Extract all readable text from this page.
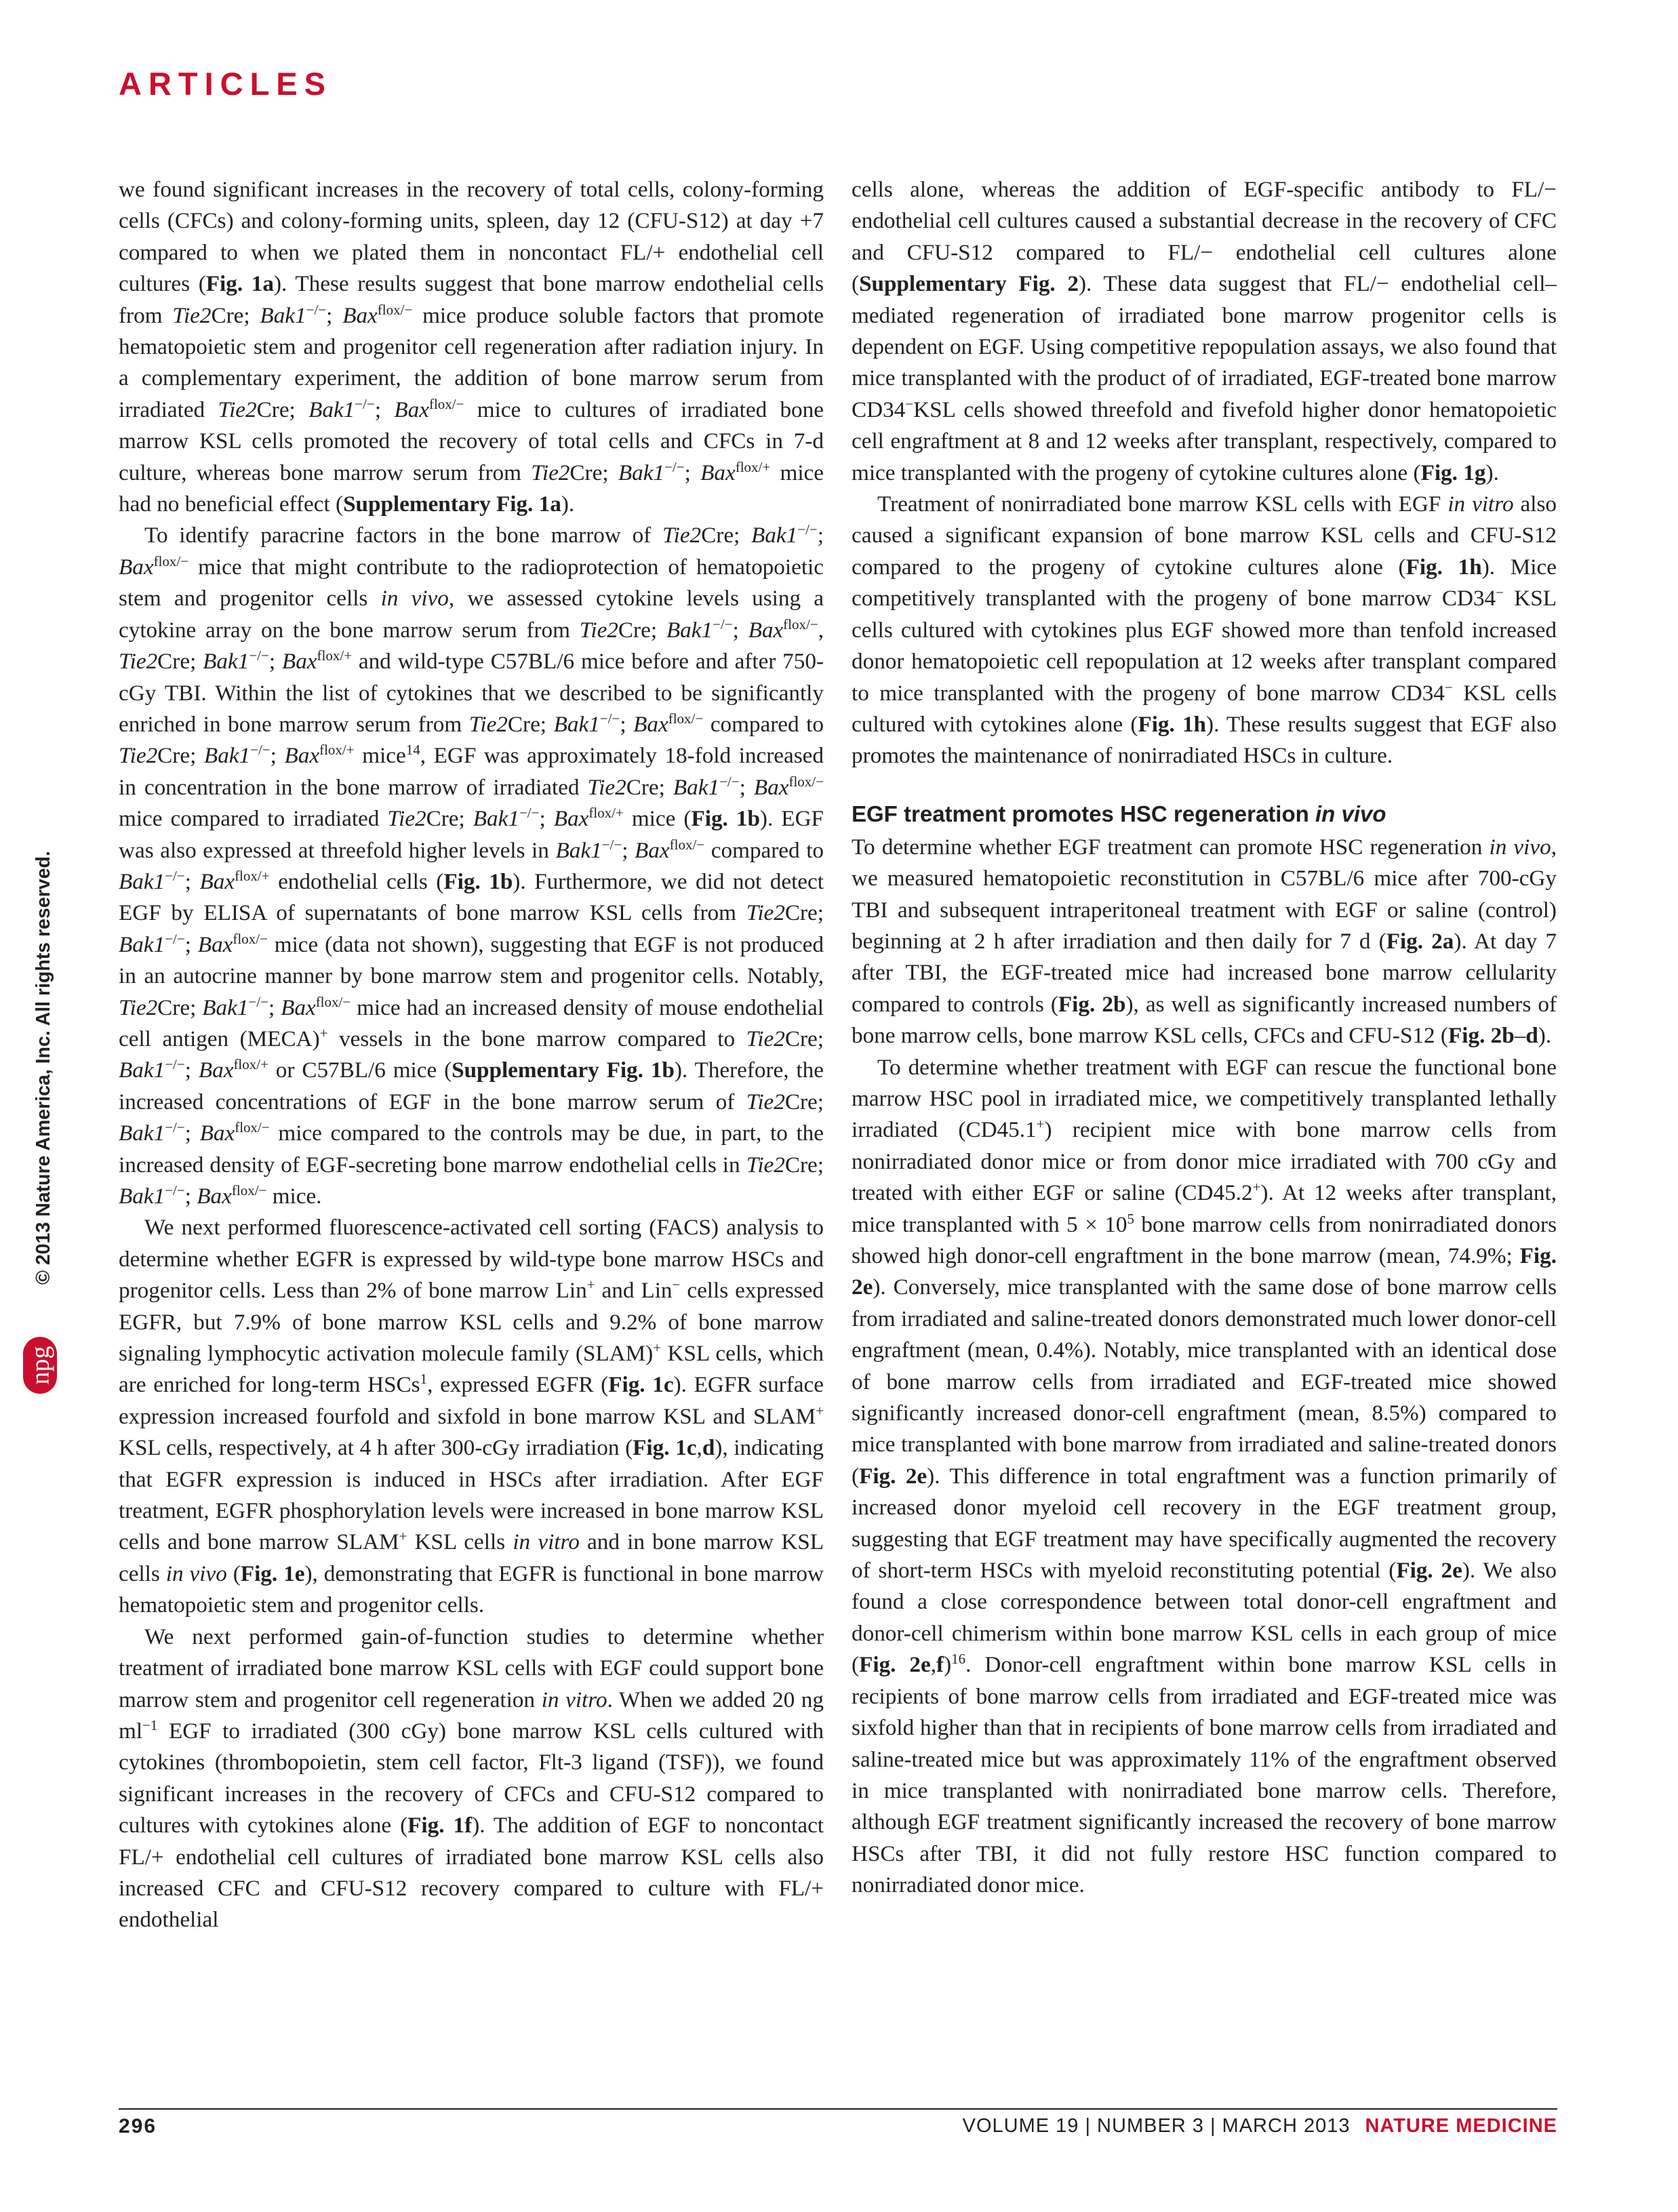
ARTICLES
© 2013 Nature America, Inc. All rights reserved.
npg

we found significant increases in the recovery of total cells, colony-forming cells (CFCs) and colony-forming units, spleen, day 12 (CFU-S12) at day +7 compared to when we plated them in noncontact FL/+ endothelial cell cultures (Fig. 1a). These results suggest that bone marrow endothelial cells from Tie2Cre; Bak1−/−; Bax$^{flox/-}$ mice produce soluble factors that promote hematopoietic stem and progenitor cell regeneration after radiation injury. In a complementary experiment, the addition of bone marrow serum from irradiated Tie2Cre; Bak1−/−; Bax$^{flox/-}$ mice to cultures of irradiated bone marrow KSL cells promoted the recovery of total cells and CFCs in 7-d culture, whereas bone marrow serum from Tie2Cre; Bak1−/−; Bax$^{flox/+}$ mice had no beneficial effect (Supplementary Fig. 1a).

To identify paracrine factors in the bone marrow of Tie2Cre; Bak1−/−; Bax$^{flox/-}$ mice that might contribute to the radioprotection of hematopoietic stem and progenitor cells in vivo, we assessed cytokine levels using a cytokine array on the bone marrow serum from Tie2Cre; Bak1−/−; Bax$^{flox/-}$, Tie2Cre; Bak1−/−; Bax$^{flox/+}$ and wild-type C57BL/6 mice before and after 750-cGy TBI. Within the list of cytokines that we described to be significantly enriched in bone marrow serum from Tie2Cre; Bak1−/−; Bax$^{flox/-}$ compared to Tie2Cre; Bak1−/−; Bax$^{flox/+}$ mice$^{14}$, EGF was approximately 18-fold increased in concentration in the bone marrow of irradiated Tie2Cre; Bak1−/−; Bax$^{flox/-}$ mice compared to irradiated Tie2Cre; Bak1−/−; Bax$^{flox/+}$ mice (Fig. 1b). EGF was also expressed at threefold higher levels in Bak1−/−; Bax$^{flox/-}$ compared to Bak1−/−; Bax$^{flox/+}$ endothelial cells (Fig. 1b). Furthermore, we did not detect EGF by ELISA of supernatants of bone marrow KSL cells from Tie2Cre; Bak1−/−; Bax$^{flox/-}$ mice (data not shown), suggesting that EGF is not produced in an autocrine manner by bone marrow stem and progenitor cells. Notably, Tie2Cre; Bak1−/−; Bax$^{flox/-}$ mice had an increased density of mouse endothelial cell antigen (MECA)+ vessels in the bone marrow compared to Tie2Cre; Bak1−/−; Bax$^{flox/+}$ or C57BL/6 mice (Supplementary Fig. 1b). Therefore, the increased concentrations of EGF in the bone marrow serum of Tie2Cre; Bak1−/−; Bax$^{flox/-}$ mice compared to the controls may be due, in part, to the increased density of EGF-secreting bone marrow endothelial cells in Tie2Cre; Bak1−/−; Bax$^{flox/-}$ mice.

We next performed fluorescence-activated cell sorting (FACS) analysis to determine whether EGFR is expressed by wild-type bone marrow HSCs and progenitor cells. Less than 2% of bone marrow Lin+ and Lin− cells expressed EGFR, but 7.9% of bone marrow KSL cells and 9.2% of bone marrow signaling lymphocytic activation molecule family (SLAM)+ KSL cells, which are enriched for long-term HSCs$^1$, expressed EGFR (Fig. 1c). EGFR surface expression increased fourfold and sixfold in bone marrow KSL and SLAM+ KSL cells, respectively, at 4 h after 300-cGy irradiation (Fig. 1c,d), indicating that EGFR expression is induced in HSCs after irradiation. After EGF treatment, EGFR phosphorylation levels were increased in bone marrow KSL cells and bone marrow SLAM+ KSL cells in vitro and in bone marrow KSL cells in vivo (Fig. 1e), demonstrating that EGFR is functional in bone marrow hematopoietic stem and progenitor cells.

We next performed gain-of-function studies to determine whether treatment of irradiated bone marrow KSL cells with EGF could support bone marrow stem and progenitor cell regeneration in vitro. When we added 20 ng $ml^{-1}$ EGF to irradiated (300 cGy) bone marrow KSL cells cultured with cytokines (thrombopoietin, stem cell factor, Flt-3 ligand (TSF)), we found significant increases in the recovery of CFCs and CFU-S12 compared to cultures with cytokines alone (Fig. 1f). The addition of EGF to noncontact FL/+ endothelial cell cultures of irradiated bone marrow KSL cells also increased CFC and CFU-S12 recovery compared to culture with FL/+ endothelial

cells alone, whereas the addition of EGF-specific antibody to FL/− endothelial cell cultures caused a substantial decrease in the recovery of CFC and CFU-S12 compared to FL/− endothelial cell cultures alone (Supplementary Fig. 2). These data suggest that FL/− endothelial cell–mediated regeneration of irradiated bone marrow progenitor cells is dependent on EGF. Using competitive repopulation assays, we also found that mice transplanted with the product of of irradiated, EGF-treated bone marrow CD34−KSL cells showed threefold and fivefold higher donor hematopoietic cell engraftment at 8 and 12 weeks after transplant, respectively, compared to mice transplanted with the progeny of cytokine cultures alone (Fig. 1g).

Treatment of nonirradiated bone marrow KSL cells with EGF in vitro also caused a significant expansion of bone marrow KSL cells and CFU-S12 compared to the progeny of cytokine cultures alone (Fig. 1h). Mice competitively transplanted with the progeny of bone marrow CD34− KSL cells cultured with cytokines plus EGF showed more than tenfold increased donor hematopoietic cell repopulation at 12 weeks after transplant compared to mice transplanted with the progeny of bone marrow CD34− KSL cells cultured with cytokines alone (Fig. 1h). These results suggest that EGF also promotes the maintenance of nonirradiated HSCs in culture.

EGF treatment promotes HSC regeneration in vivo

To determine whether EGF treatment can promote HSC regeneration in vivo, we measured hematopoietic reconstitution in C57BL/6 mice after 700-cGy TBI and subsequent intraperitoneal treatment with EGF or saline (control) beginning at 2 h after irradiation and then daily for 7 d (Fig. 2a). At day 7 after TBI, the EGF-treated mice had increased bone marrow cellularity compared to controls (Fig. 2b), as well as significantly increased numbers of bone marrow cells, bone marrow KSL cells, CFCs and CFU-S12 (Fig. 2b–d).

To determine whether treatment with EGF can rescue the functional bone marrow HSC pool in irradiated mice, we competitively transplanted lethally irradiated (CD45.1+) recipient mice with bone marrow cells from nonirradiated donor mice or from donor mice irradiated with 700 cGy and treated with either EGF or saline (CD45.2+). At 12 weeks after transplant, mice transplanted with $5 \times 10^5$ bone marrow cells from nonirradiated donors showed high donor-cell engraftment in the bone marrow (mean, 74.9%; Fig. 2e). Conversely, mice transplanted with the same dose of bone marrow cells from irradiated and saline-treated donors demonstrated much lower donor-cell engraftment (mean, 0.4%). Notably, mice transplanted with an identical dose of bone marrow cells from irradiated and EGF-treated mice showed significantly increased donor-cell engraftment (mean, 8.5%) compared to mice transplanted with bone marrow from irradiated and saline-treated donors (Fig. 2e). This difference in total engraftment was a function primarily of increased donor myeloid cell recovery in the EGF treatment group, suggesting that EGF treatment may have specifically augmented the recovery of short-term HSCs with myeloid reconstituting potential (Fig. 2e). We also found a close correspondence between total donor-cell engraftment and donor-cell chimerism within bone marrow KSL cells in each group of mice (Fig. 2e,f)$^{16}$. Donor-cell engraftment within bone marrow KSL cells in recipients of bone marrow cells from irradiated and EGF-treated mice was sixfold higher than that in recipients of bone marrow cells from irradiated and saline-treated mice but was approximately 11% of the engraftment observed in mice transplanted with nonirradiated bone marrow cells. Therefore, although EGF treatment significantly increased the recovery of bone marrow HSCs after TBI, it did not fully restore HSC function compared to nonirradiated donor mice.

296	VOLUME 19 | NUMBER 3 | MARCH 2013 NATURE MEDICINE
